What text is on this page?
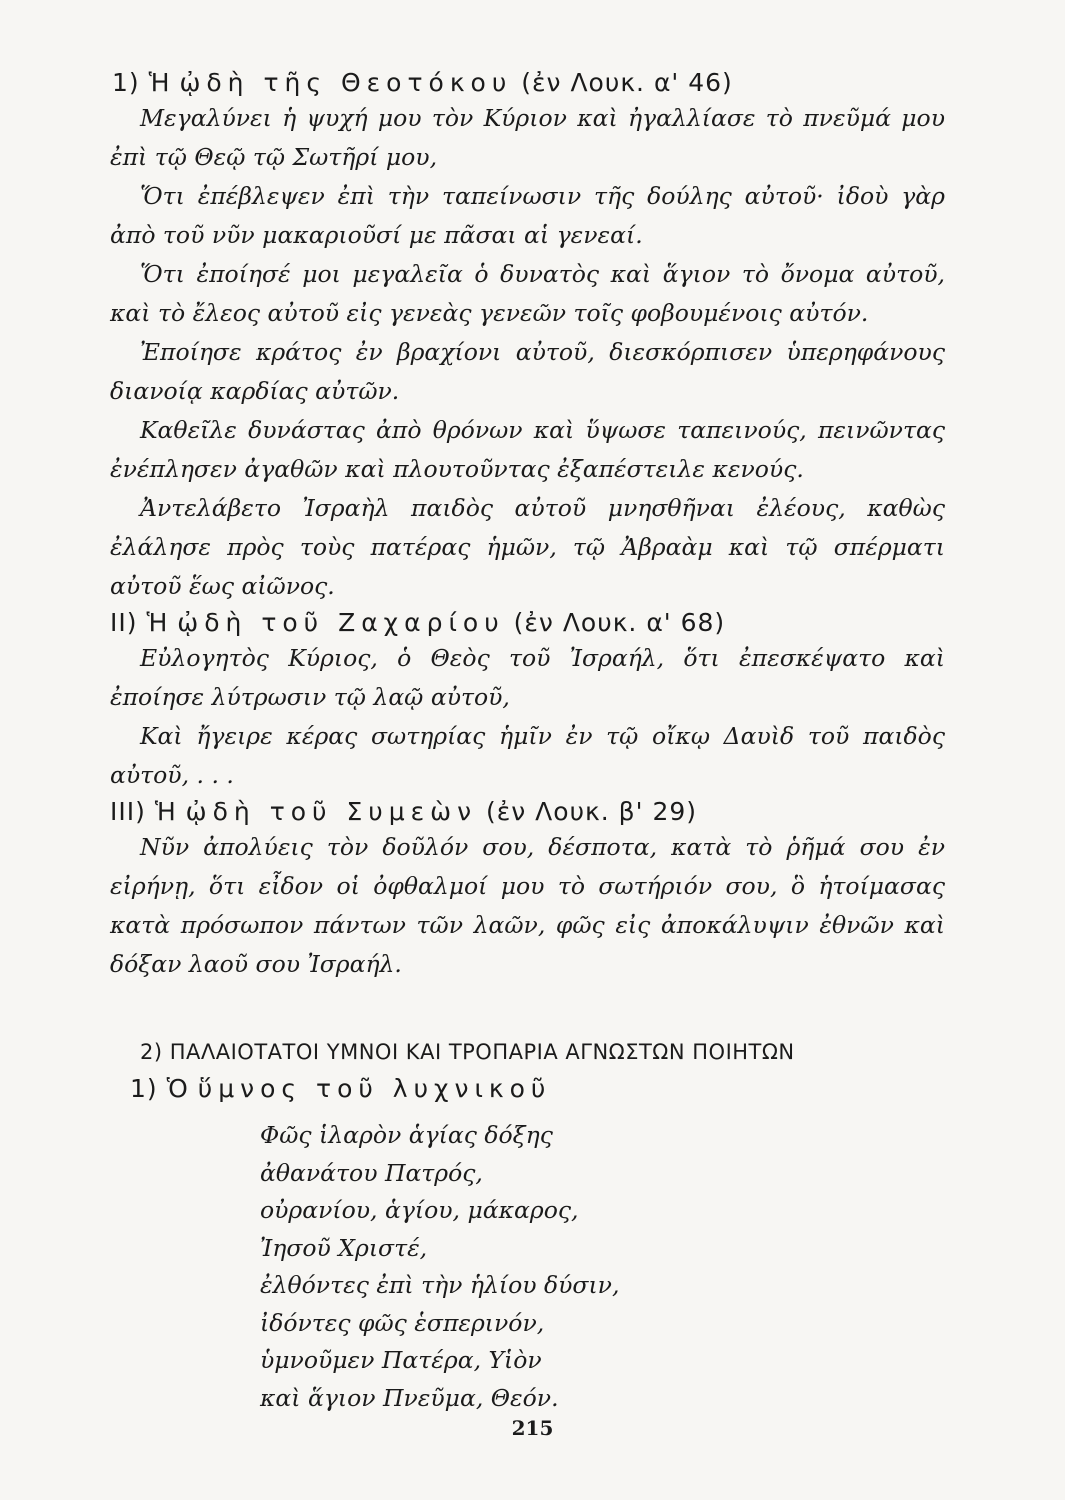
1) Ἡ ᾠδὴ τῆς Θεοτόκου (ἐν Λουκ. α' 46)

Μεγαλύνει ἡ ψυχή μου τὸν Κύριον καὶ ἠγαλλίασε τὸ πνεῦμά μου ἐπὶ τῷ Θεῷ τῷ Σωτῆρί μου,

Ὅτι ἐπέβλεψεν ἐπὶ τὴν ταπείνωσιν τῆς δούλης αὐτοῦ· ἰδοὺ γὰρ ἀπὸ τοῦ νῦν μακαριοῦσί με πᾶσαι αἱ γενεαί.

Ὅτι ἐποίησέ μοι μεγαλεῖα ὁ δυνατὸς καὶ ἅγιον τὸ ὄνομα αὐτοῦ, καὶ τὸ ἔλεος αὐτοῦ εἰς γενεὰς γενεῶν τοῖς φοβουμένοις αὐτόν.

Ἐποίησε κράτος ἐν βραχίονι αὐτοῦ, διεσκόρπισεν ὑπερηφάνους διανοίᾳ καρδίας αὐτῶν.

Καθεῖλε δυνάστας ἀπὸ θρόνων καὶ ὕψωσε ταπεινούς, πεινῶντας ἐνέπλησεν ἀγαθῶν καὶ πλουτοῦντας ἐξαπέστειλε κενούς.

Ἀντελάβετο Ἰσραὴλ παιδὸς αὐτοῦ μνησθῆναι ἐλέους, καθὼς ἐλάλησε πρὸς τοὺς πατέρας ἡμῶν, τῷ Ἀβραὰμ καὶ τῷ σπέρματι αὐτοῦ ἕως αἰῶνος.

II) Ἡ ᾠδὴ τοῦ Ζαχαρίου (ἐν Λουκ. α' 68)

Εὐλογητὸς Κύριος, ὁ Θεὸς τοῦ Ἰσραήλ, ὅτι ἐπεσκέψατο καὶ ἐποίησε λύτρωσιν τῷ λαῷ αὐτοῦ,

Καὶ ἤγειρε κέρας σωτηρίας ἡμῖν ἐν τῷ οἴκῳ Δαυὶδ τοῦ παιδὸς αὐτοῦ, . . .

III) Ἡ ᾠδὴ τοῦ Συμεὼν (ἐν Λουκ. β' 29)

Νῦν ἀπολύεις τὸν δοῦλόν σου, δέσποτα, κατὰ τὸ ῥῆμά σου ἐν εἰρήνῃ, ὅτι εἶδον οἱ ὀφθαλμοί μου τὸ σωτήριόν σου, ὃ ἡτοίμασας κατὰ πρόσωπον πάντων τῶν λαῶν, φῶς εἰς ἀποκάλυψιν ἐθνῶν καὶ δόξαν λαοῦ σου Ἰσραήλ.

2) ΠΑΛΑΙΟΤΑΤΟΙ ΥΜΝΟΙ ΚΑΙ ΤΡΟΠΑΡΙΑ ΑΓΝΩΣΤΩΝ ΠΟΙΗΤΩΝ
1) Ὁ ὕμνος τοῦ λυχνικοῦ
Φῶς ἱλαρὸν ἁγίας δόξης
ἀθανάτου Πατρός,
οὐρανίου, ἁγίου, μάκαρος,
Ἰησοῦ Χριστέ,
ἐλθόντες ἐπὶ τὴν ἡλίου δύσιν,
ἰδόντες φῶς ἑσπερινόν,
ὑμνοῦμεν Πατέρα, Υἱὸν
καὶ ἅγιον Πνεῦμα, Θεόν.
215
